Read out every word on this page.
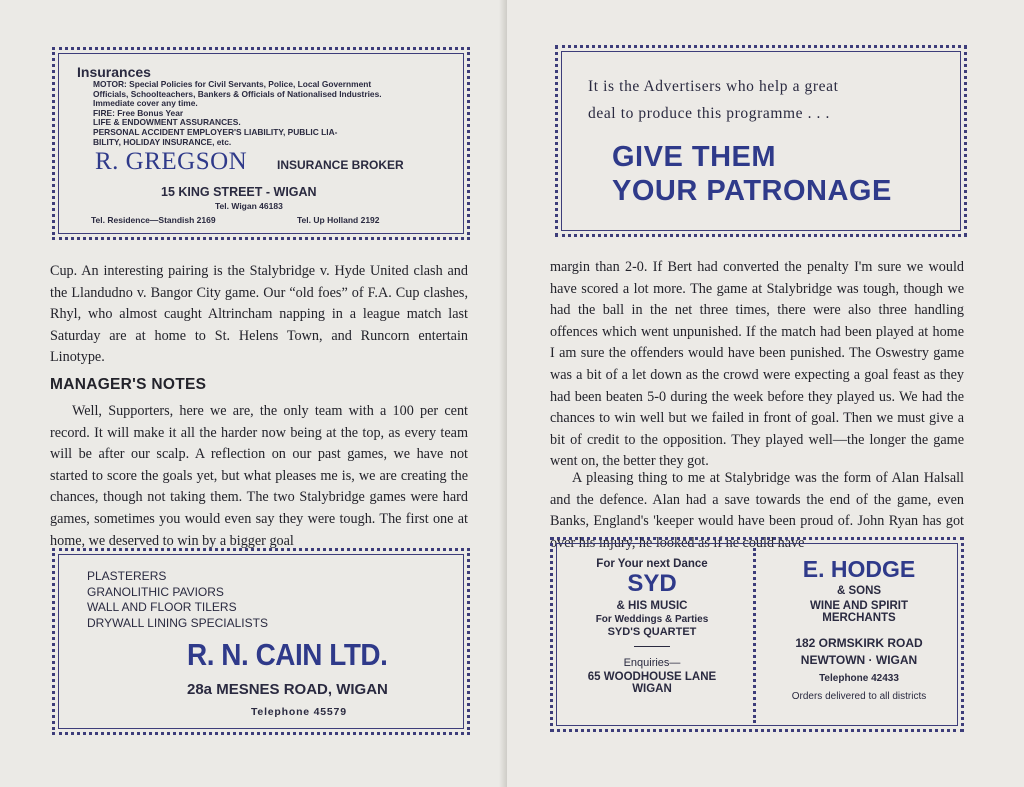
Insurances
MOTOR: Special Policies for Civil Servants, Police, Local Government
Officials, Schoolteachers, Bankers & Officials of Nationalised Industries.
Immediate cover any time.
FIRE: Free Bonus Year
LIFE & ENDOWMENT ASSURANCES.
PERSONAL ACCIDENT EMPLOYER'S LIABILITY, PUBLIC LIA-
BILITY, HOLIDAY INSURANCE, etc.
R. GREGSON INSURANCE BROKER
15 KING STREET - WIGAN
Tel. Wigan 46183
Tel. Residence—Standish 2169	Tel. Up Holland 2192

Cup. An interesting pairing is the Stalybridge v. Hyde United clash and the Llandudno v. Bangor City game. Our “old foes” of F.A. Cup clashes, Rhyl, who almost caught Altrincham napping in a league match last Saturday are at home to St. Helens Town, and Runcorn entertain Linotype.

MANAGER'S NOTES

Well, Supporters, here we are, the only team with a 100 per cent record. It will make it all the harder now being at the top, as every team will be after our scalp. A reflection on our past games, we have not started to score the goals yet, but what pleases me is, we are creating the chances, though not taking them. The two Stalybridge games were hard games, sometimes you would even say they were tough. The first one at home, we deserved to win by a bigger goal

PLASTERERS
GRANOLITHIC PAVIORS
WALL AND FLOOR TILERS
DRYWALL LINING SPECIALISTS
R. N. CAIN LTD.
28a MESNES ROAD, WIGAN
Telephone 45579
It is the Advertisers who help a great
deal to produce this programme . . .
GIVE THEM
YOUR PATRONAGE

margin than 2-0. If Bert had converted the penalty I'm sure we would have scored a lot more. The game at Stalybridge was tough, though we had the ball in the net three times, there were also three handling offences which went unpunished. If the match had been played at home I am sure the offenders would have been punished. The Oswestry game was a bit of a let down as the crowd were expecting a goal feast as they had been beaten 5-0 during the week before they played us. We had the chances to win well but we failed in front of goal. Then we must give a bit of credit to the opposition. They played well—the longer the game went on, the better they got.

A pleasing thing to me at Stalybridge was the form of Alan Halsall and the defence. Alan had a save towards the end of the game, even Banks, England's 'keeper would have been proud of. John Ryan has got over his injury, he looked as if he could have

For Your next Dance
SYD
& HIS MUSIC
For Weddings & Parties
SYD'S QUARTET
Enquiries—
65 WOODHOUSE LANE
WIGAN
E. HODGE
& SONS
WINE AND SPIRIT
MERCHANTS
182 ORMSKIRK ROAD
NEWTOWN · WIGAN
Telephone 42433
Orders delivered to all districts
